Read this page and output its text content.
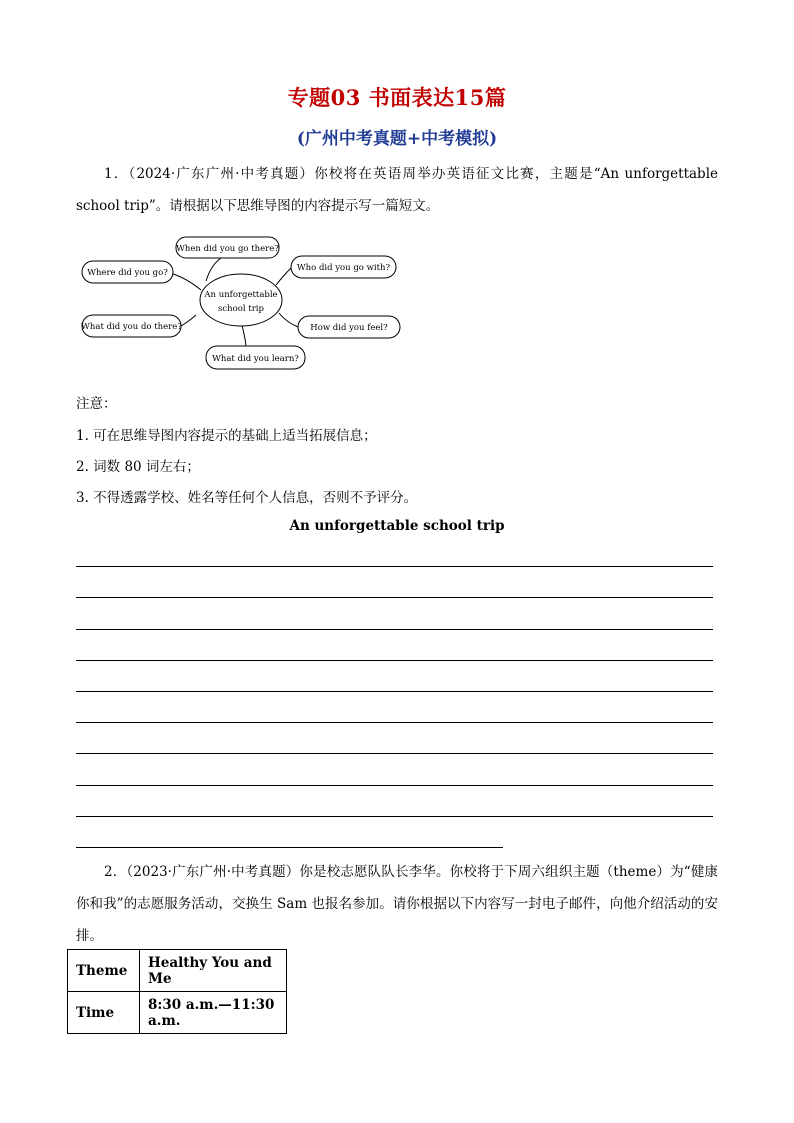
专题03 书面表达15篇
(广州中考真题+中考模拟)
1．（2024·广东广州·中考真题）你校将在英语周举办英语征文比赛，主题是“An unforgettable school trip”。请根据以下思维导图的内容提示写一篇短文。
An unforgettable
school trip
When did you go there?
Where did you go?	Who did you go with?
What did you do there?	How did you feel?
What did you learn?
注意：
1. 可在思维导图内容提示的基础上适当拓展信息；
2. 词数 80 词左右；
3. 不得透露学校、姓名等任何个人信息，否则不予评分。
An unforgettable school trip
2．（2023·广东广州·中考真题）你是校志愿队队长李华。你校将于下周六组织主题（theme）为“健康你和我”的志愿服务活动，交换生 Sam 也报名参加。请你根据以下内容写一封电子邮件，向他介绍活动的安排。
Theme	Healthy You and Me
Time	8:30 a.m.—11:30 a.m.
